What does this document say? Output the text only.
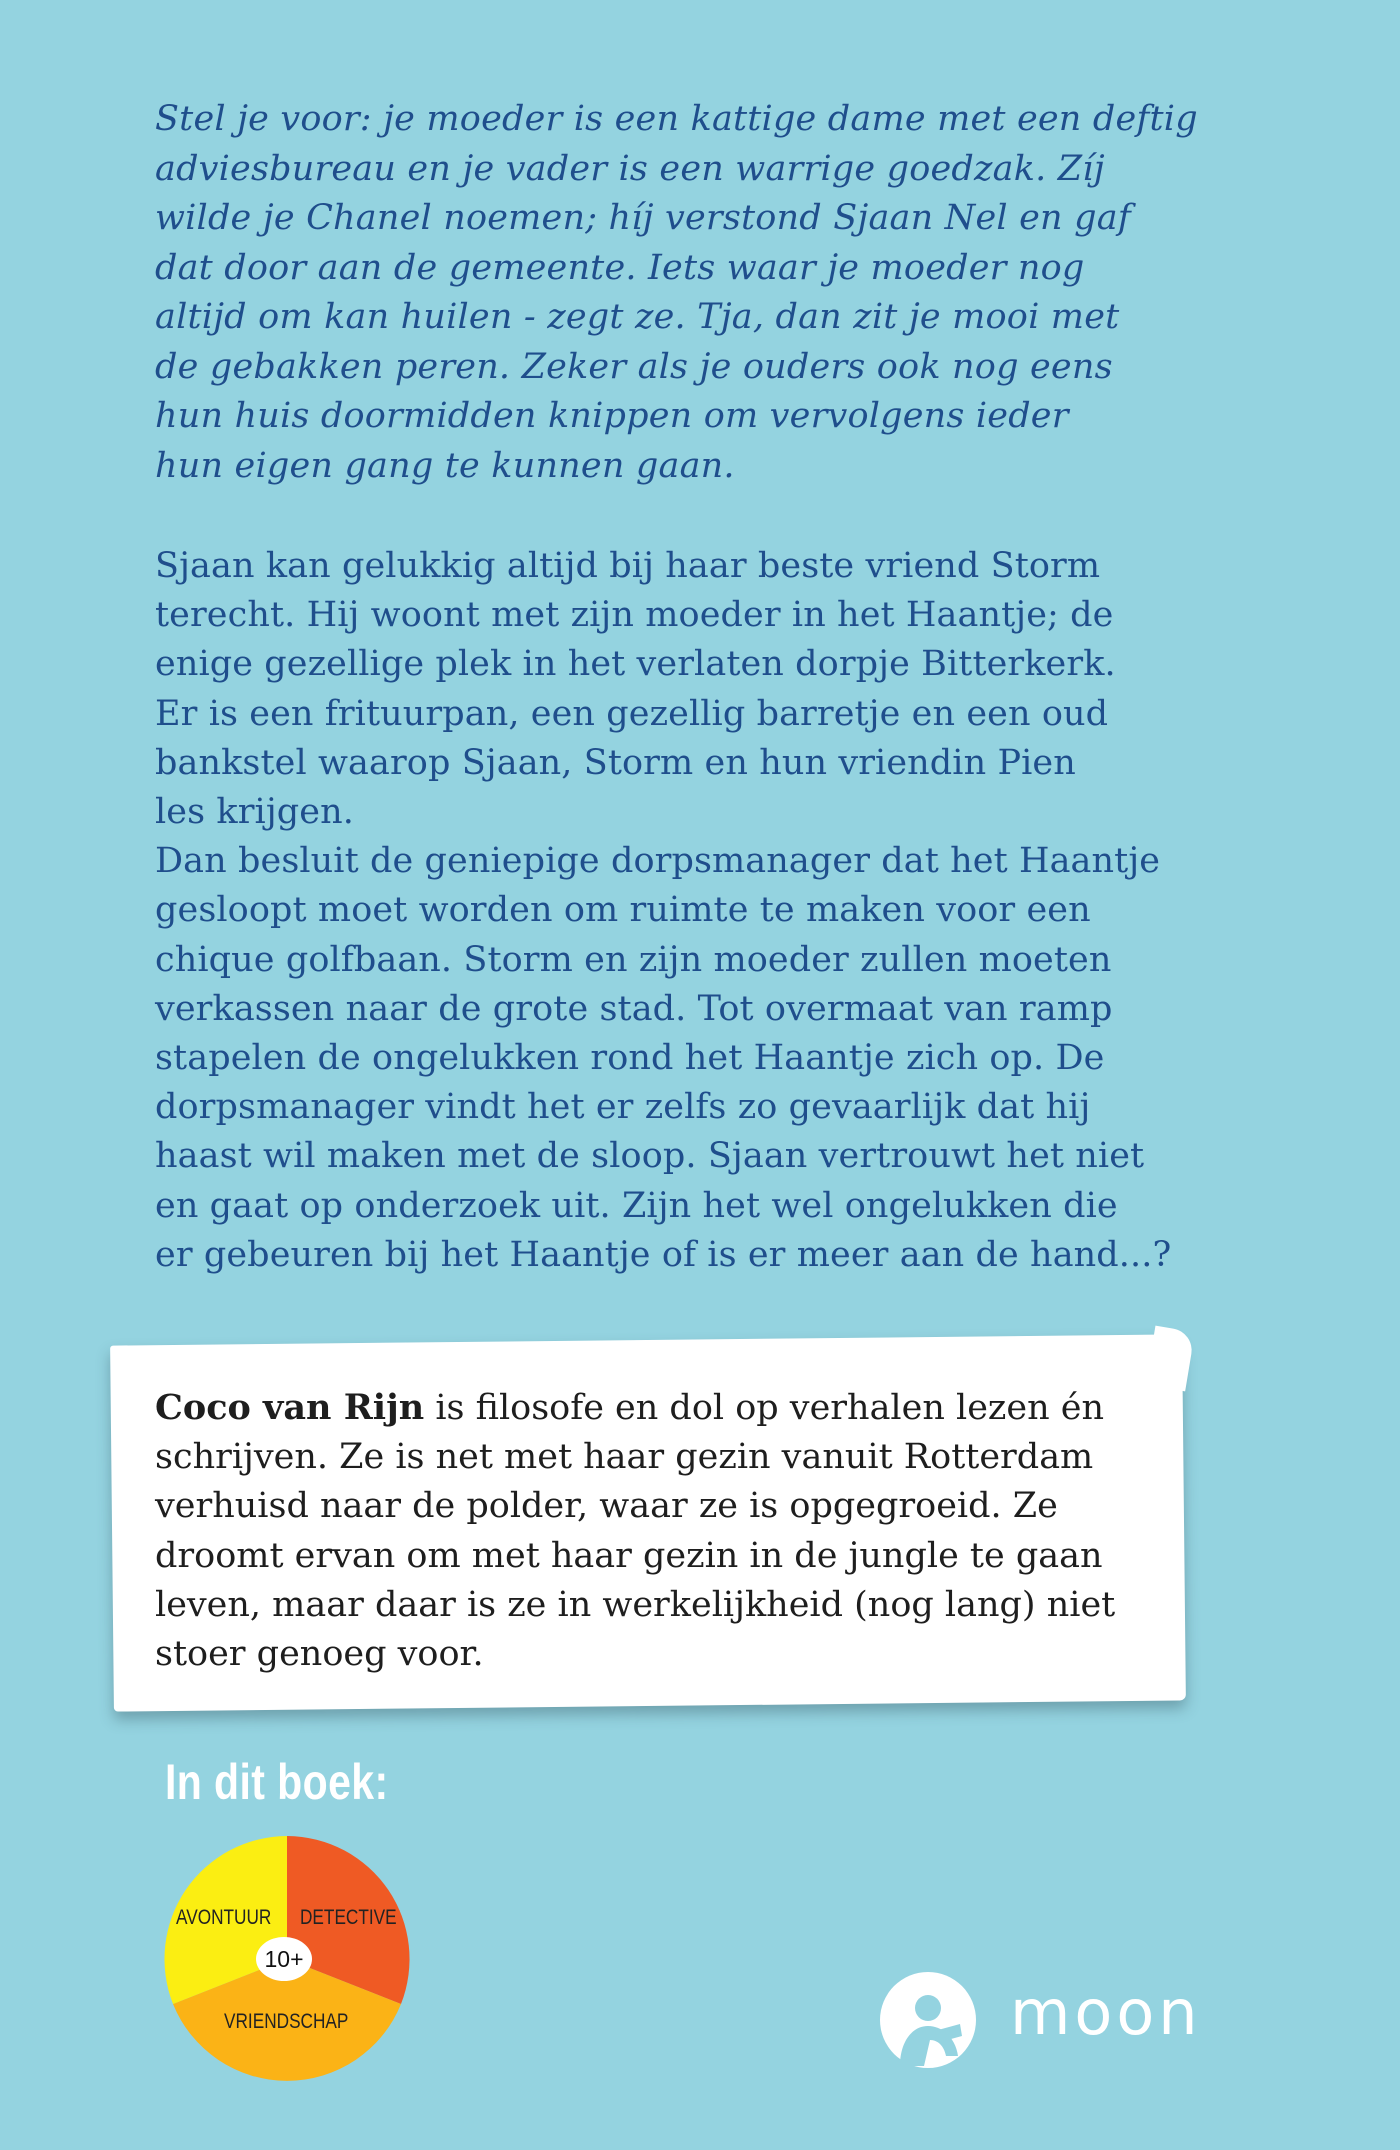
Stel je voor: je moeder is een kattige dame met een deftig
adviesbureau en je vader is een warrige goedzak. Zíj
wilde je Chanel noemen; híj verstond Sjaan Nel en gaf
dat door aan de gemeente. Iets waar je moeder nog
altijd om kan huilen - zegt ze. Tja, dan zit je mooi met
de gebakken peren. Zeker als je ouders ook nog eens
hun huis doormidden knippen om vervolgens ieder
hun eigen gang te kunnen gaan.

Sjaan kan gelukkig altijd bij haar beste vriend Storm
terecht. Hij woont met zijn moeder in het Haantje; de
enige gezellige plek in het verlaten dorpje Bitterkerk.
Er is een frituurpan, een gezellig barretje en een oud
bankstel waarop Sjaan, Storm en hun vriendin Pien
les krijgen.
Dan besluit de geniepige dorpsmanager dat het Haantje
gesloopt moet worden om ruimte te maken voor een
chique golfbaan. Storm en zijn moeder zullen moeten
verkassen naar de grote stad. Tot overmaat van ramp
stapelen de ongelukken rond het Haantje zich op. De
dorpsmanager vindt het er zelfs zo gevaarlijk dat hij
haast wil maken met de sloop. Sjaan vertrouwt het niet
en gaat op onderzoek uit. Zijn het wel ongelukken die
er gebeuren bij het Haantje of is er meer aan de hand...?

Coco van Rijn is filosofe en dol op verhalen lezen én
schrijven. Ze is net met haar gezin vanuit Rotterdam
verhuisd naar de polder, waar ze is opgegroeid. Ze
droomt ervan om met haar gezin in de jungle te gaan
leven, maar daar is ze in werkelijkheid (nog lang) niet
stoer genoeg voor.

In dit boek:
AVONTUUR DETECTIVE
VRIENDSCHAP
10+
moon
